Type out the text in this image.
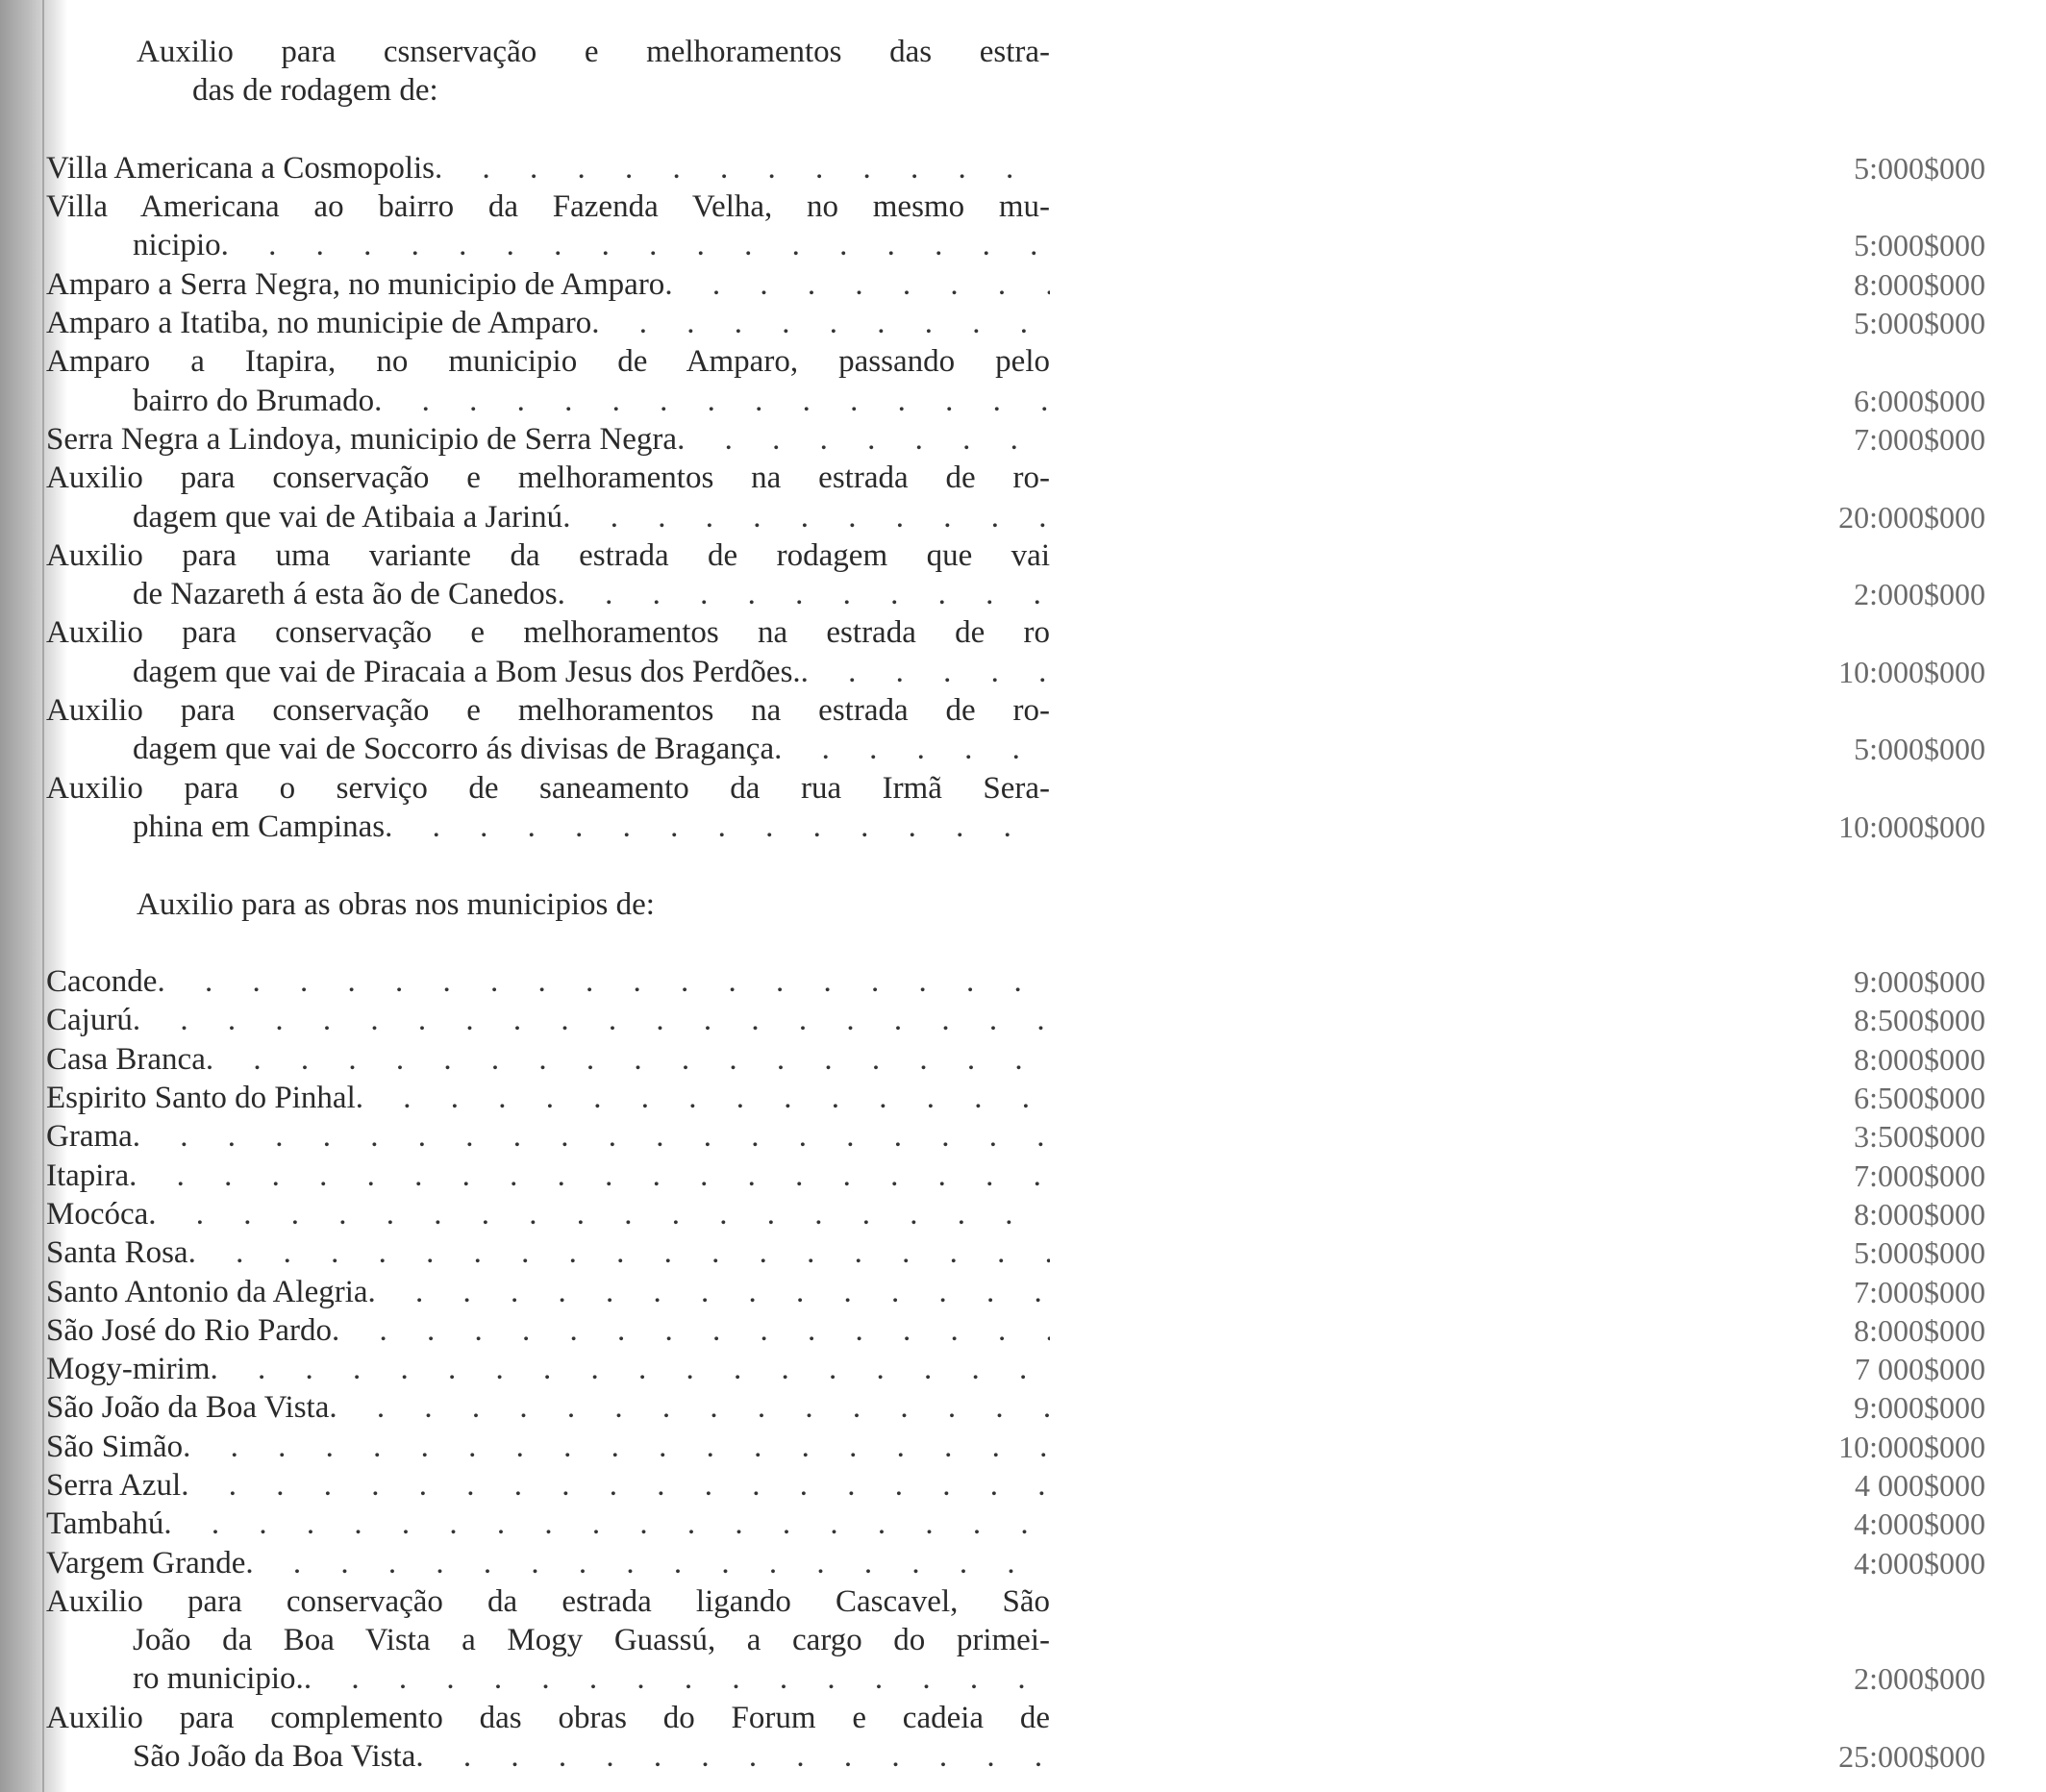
Auxilio para csnservação e melhoramentos das estra-
das de rodagem de:
Villa Americana a Cosmopolis .	5:000$000
Villa Americana ao bairro da Fazenda Velha, no mesmo mu-
nicipio .	5:000$000
Amparo a Serra Negra, no municipio de Amparo .	8:000$000
Amparo a Itatiba, no municipie de Amparo .	5:000$000
Amparo a Itapira, no municipio de Amparo, passando pelo
bairro do Brumado .	6:000$000
Serra Negra a Lindoya, municipio de Serra Negra .	7:000$000
Auxilio para conservação e melhoramentos na estrada de ro-
dagem que vai de Atibaia a Jarinú .	20:000$000
Auxilio para uma variante da estrada de rodagem que vai
de Nazareth á esta ão de Canedos .	2:000$000
Auxilio para conservação e melhoramentos na estrada de ro
dagem que vai de Piracaia a Bom Jesus dos Perdões. .	10:000$000
Auxilio para conservação e melhoramentos na estrada de ro-
dagem que vai de Soccorro ás divisas de Bragança .	5:000$000
Auxilio para o serviço de saneamento da rua Irmã Sera-
phina em Campinas .	10:000$000
Auxilio para as obras nos municipios de:
Caconde .	9:000$000
Cajurú .	8:500$000
Casa Branca .	8:000$000
Espirito Santo do Pinhal .	6:500$000
Grama .	3:500$000
Itapira .	7:000$000
Mocóca .	8:000$000
Santa Rosa .	5:000$000
Santo Antonio da Alegria .	7:000$000
São José do Rio Pardo .	8:000$000
Mogy-mirim .	7 000$000
São João da Boa Vista .	9:000$000
São Simão .	10:000$000
Serra Azul .	4 000$000
Tambahú .	4:000$000
Vargem Grande .	4:000$000
Auxilio para conservação da estrada ligando Cascavel, São
João da Boa Vista a Mogy Guassú, a cargo do primei-
ro municipio. .	2:000$000
Auxilio para complemento das obras do Forum e cadeia de
São João da Boa Vista .	25:000$000
